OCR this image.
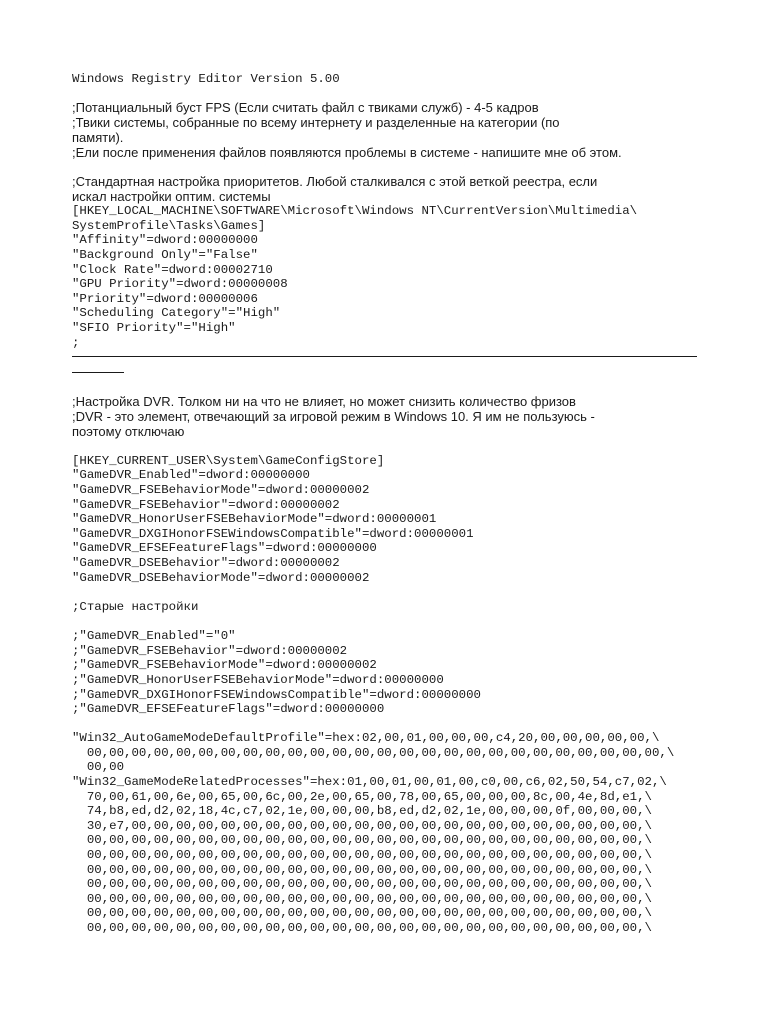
Windows Registry Editor Version 5.00

;Потанциальный буст FPS (Если считать файл с твиками служб) - 4-5 кадров

;Твики системы, собранные по всему интернету и разделенные на категории (по

памяти).

;Ели после применения файлов появляются проблемы в системе - напишите мне об этом.

;Стандартная настройка приоритетов. Любой сталкивался с этой веткой реестра, если

искал настройки оптим. системы

[HKEY_LOCAL_MACHINE\SOFTWARE\Microsoft\Windows NT\CurrentVersion\Multimedia\

SystemProfile\Tasks\Games]

"Affinity"=dword:00000000

"Background Only"="False"

"Clock Rate"=dword:00002710

"GPU Priority"=dword:00000008

"Priority"=dword:00000006

"Scheduling Category"="High"

"SFIO Priority"="High"

;

;Настройка DVR. Толком ни на что не влияет, но может снизить количество фризов

;DVR - это элемент, отвечающий за игровой режим в Windows 10. Я им не пользуюсь -

поэтому отключаю

[HKEY_CURRENT_USER\System\GameConfigStore]

"GameDVR_Enabled"=dword:00000000

"GameDVR_FSEBehaviorMode"=dword:00000002

"GameDVR_FSEBehavior"=dword:00000002

"GameDVR_HonorUserFSEBehaviorMode"=dword:00000001

"GameDVR_DXGIHonorFSEWindowsCompatible"=dword:00000001

"GameDVR_EFSEFeatureFlags"=dword:00000000

"GameDVR_DSEBehavior"=dword:00000002

"GameDVR_DSEBehaviorMode"=dword:00000002

;Старые настройки

;"GameDVR_Enabled"="0"

;"GameDVR_FSEBehavior"=dword:00000002

;"GameDVR_FSEBehaviorMode"=dword:00000002

;"GameDVR_HonorUserFSEBehaviorMode"=dword:00000000

;"GameDVR_DXGIHonorFSEWindowsCompatible"=dword:00000000

;"GameDVR_EFSEFeatureFlags"=dword:00000000

"Win32_AutoGameModeDefaultProfile"=hex:02,00,01,00,00,00,c4,20,00,00,00,00,00,\

00,00,00,00,00,00,00,00,00,00,00,00,00,00,00,00,00,00,00,00,00,00,00,00,00,00,\

00,00

"Win32_GameModeRelatedProcesses"=hex:01,00,01,00,01,00,c0,00,c6,02,50,54,c7,02,\

70,00,61,00,6e,00,65,00,6c,00,2e,00,65,00,78,00,65,00,00,00,8c,00,4e,8d,e1,\

74,b8,ed,d2,02,18,4c,c7,02,1e,00,00,00,b8,ed,d2,02,1e,00,00,00,0f,00,00,00,\

30,e7,00,00,00,00,00,00,00,00,00,00,00,00,00,00,00,00,00,00,00,00,00,00,00,\

00,00,00,00,00,00,00,00,00,00,00,00,00,00,00,00,00,00,00,00,00,00,00,00,00,\

00,00,00,00,00,00,00,00,00,00,00,00,00,00,00,00,00,00,00,00,00,00,00,00,00,\

00,00,00,00,00,00,00,00,00,00,00,00,00,00,00,00,00,00,00,00,00,00,00,00,00,\

00,00,00,00,00,00,00,00,00,00,00,00,00,00,00,00,00,00,00,00,00,00,00,00,00,\

00,00,00,00,00,00,00,00,00,00,00,00,00,00,00,00,00,00,00,00,00,00,00,00,00,\

00,00,00,00,00,00,00,00,00,00,00,00,00,00,00,00,00,00,00,00,00,00,00,00,00,\

00,00,00,00,00,00,00,00,00,00,00,00,00,00,00,00,00,00,00,00,00,00,00,00,00,\
